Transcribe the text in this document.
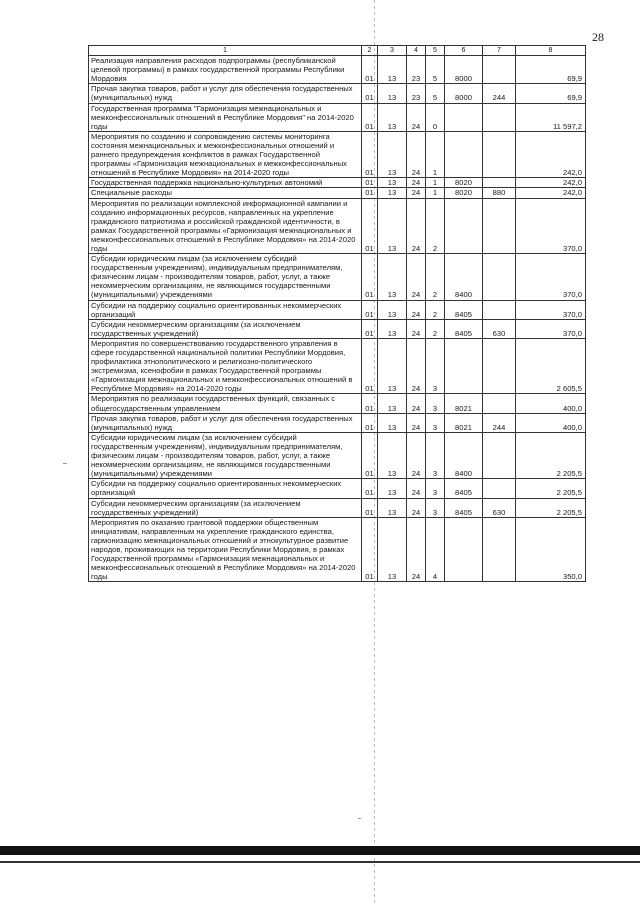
28
1	2	3	4	5	6	7	8
Реализация направления расходов подпрограммы (республиканской целевой программы) в рамках государственной программы Республики Мордовия	01	13	23	5	8000		69,9
Прочая закупка товаров, работ и услуг для обеспечения государственных (муниципальных) нужд	01	13	23	5	8000	244	69,9
Государственная программа "Гармонизация межнациональных и межконфессиональных отношений в Республике Мордовия" на 2014-2020 годы	01	13	24	0			11 597,2
Мероприятия по созданию и сопровождению системы мониторинга состояния межнациональных и межконфессиональных отношений и раннего предупреждения конфликтов в рамках Государственной программы «Гармонизация межнациональных и межконфессиональных отношений в Республике Мордовия» на 2014-2020 годы	01	13	24	1			242,0
Государственная поддержка национально-культурных автономий	01	13	24	1	8020		242,0
Специальные расходы	01	13	24	1	8020	880	242,0
Мероприятия по реализации комплексной информационной кампании и созданию информационных ресурсов, направленных на укрепление гражданского патриотизма и российской гражданской идентичности, в рамках Государственной программы «Гармонизация межнациональных и межконфессиональных отношений в Республике Мордовия» на 2014-2020 годы	01	13	24	2			370,0
Субсидии юридическим лицам (за исключением субсидий государственным учреждениям), индивидуальным предпринимателям, физическим лицам - производителям товаров, работ, услуг, а также некоммерческим организациям, не являющимся государственными (муниципальными) учреждениями	01	13	24	2	8400		370,0
Субсидии на поддержку социально ориентированных некоммерческих организаций	01	13	24	2	8405		370,0
Субсидии некоммерческим организациям (за исключением государственных учреждений)	01	13	24	2	8405	630	370,0
Мероприятия по совершенствованию государственного управления в сфере государственной национальной политики Республики Мордовия, профилактика этнополитического и религиозно-политического экстремизма, ксенофобии в рамках Государственной программы «Гармонизация межнациональных и межконфессиональных отношений в Республике Мордовия» на 2014-2020 годы	01	13	24	3			2 605,5
Мероприятия по реализации государственных функций, связанных с общегосударственным управлением	01	13	24	3	8021		400,0
Прочая закупка товаров, работ и услуг для обеспечения государственных (муниципальных) нужд	01	13	24	3	8021	244	400,0
Субсидии юридическим лицам (за исключением субсидий государственным учреждениям), индивидуальным предпринимателям, физическим лицам - производителям товаров, работ, услуг, а также некоммерческим организациям, не являющимся государственными (муниципальными) учреждениями	01	13	24	3	8400		2 205,5
Субсидии на поддержку социально ориентированных некоммерческих организаций	01	13	24	3	8405		2 205,5
Субсидии некоммерческим организациям (за исключением государственных учреждений)	01	13	24	3	8405	630	2 205,5
Мероприятия по оказанию грантовой поддержки общественным инициативам, направленным на укрепление гражданского единства, гармонизацию межнациональных отношений и этнокультурное развитие народов, проживающих на территории Республики Мордовия, в рамках Государственной программы «Гармонизация межнациональных и межконфессиональных отношений в Республике Мордовия» на 2014-2020 годы	01	13	24	4			350,0
